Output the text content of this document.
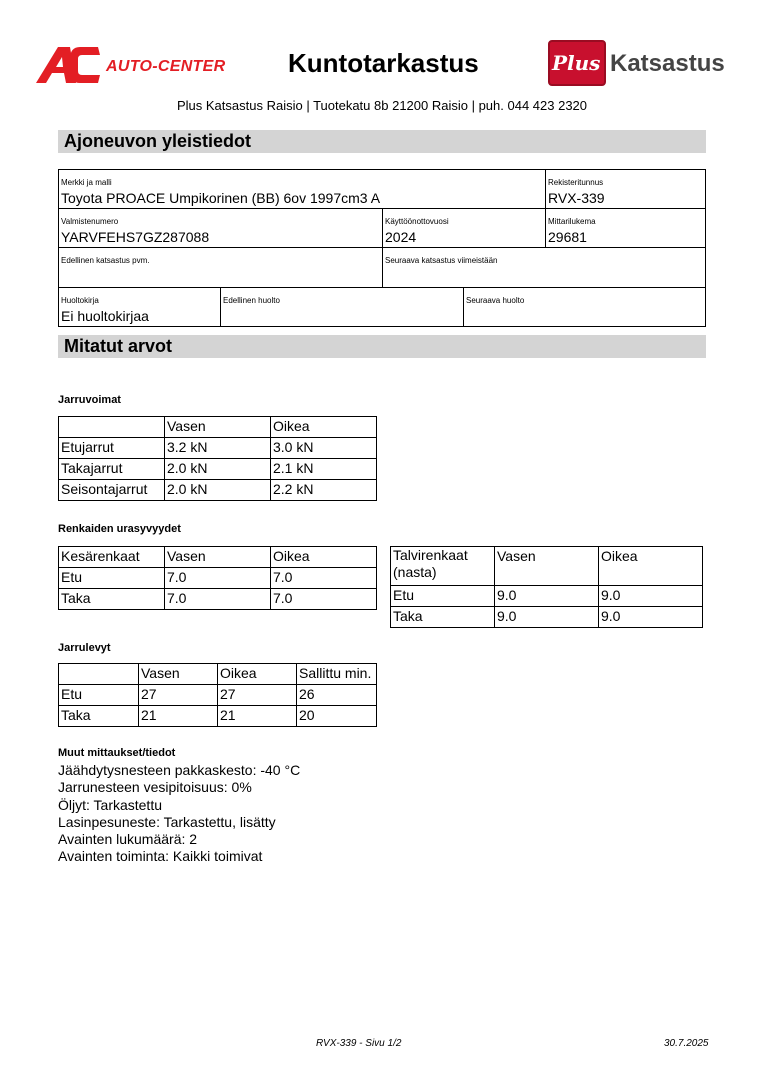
AUTO-CENTER Kuntotarkastus	Plus Katsastus
Plus Katsastus Raisio | Tuotekatu 8b 21200 Raisio | puh. 044 423 2320
Ajoneuvon yleistiedot
Merkki ja malli
Toyota PROACE Umpikorinen (BB) 6ov 1997cm3 A
Rekisteritunnus
RVX-339
Valmistenumero
YARVFEHS7GZ287088
Käyttöönottovuosi
2024
Mittarilukema
29681
Edellinen katsastus pvm.	Seuraava katsastus viimeistään
Huoltokirja
Ei huoltokirjaa
Edellinen huolto	Seuraava huolto
Mitatut arvot
Jarruvoimat
	Vasen	Oikea
Etujarrut	3.2 kN	3.0 kN
Takajarrut	2.0 kN	2.1 kN
Seisontajarrut	2.0 kN	2.2 kN
Renkaiden urasyvyydet
Kesärenkaat	Vasen	Oikea
Etu	7.0	7.0
Taka	7.0	7.0
Talvirenkaat (nasta)	Vasen	Oikea
Etu	9.0	9.0
Taka	9.0	9.0
Jarrulevyt
	Vasen	Oikea	Sallittu min.
Etu	27	27	26
Taka	21	21	20
Muut mittaukset/tiedot
Jäähdytysnesteen pakkaskesto: -40 °C
Jarrunesteen vesipitoisuus: 0%
Öljyt: Tarkastettu
Lasinpesuneste: Tarkastettu, lisätty
Avainten lukumäärä: 2
Avainten toiminta: Kaikki toimivat
RVX-339 - Sivu 1/2	30.7.2025
